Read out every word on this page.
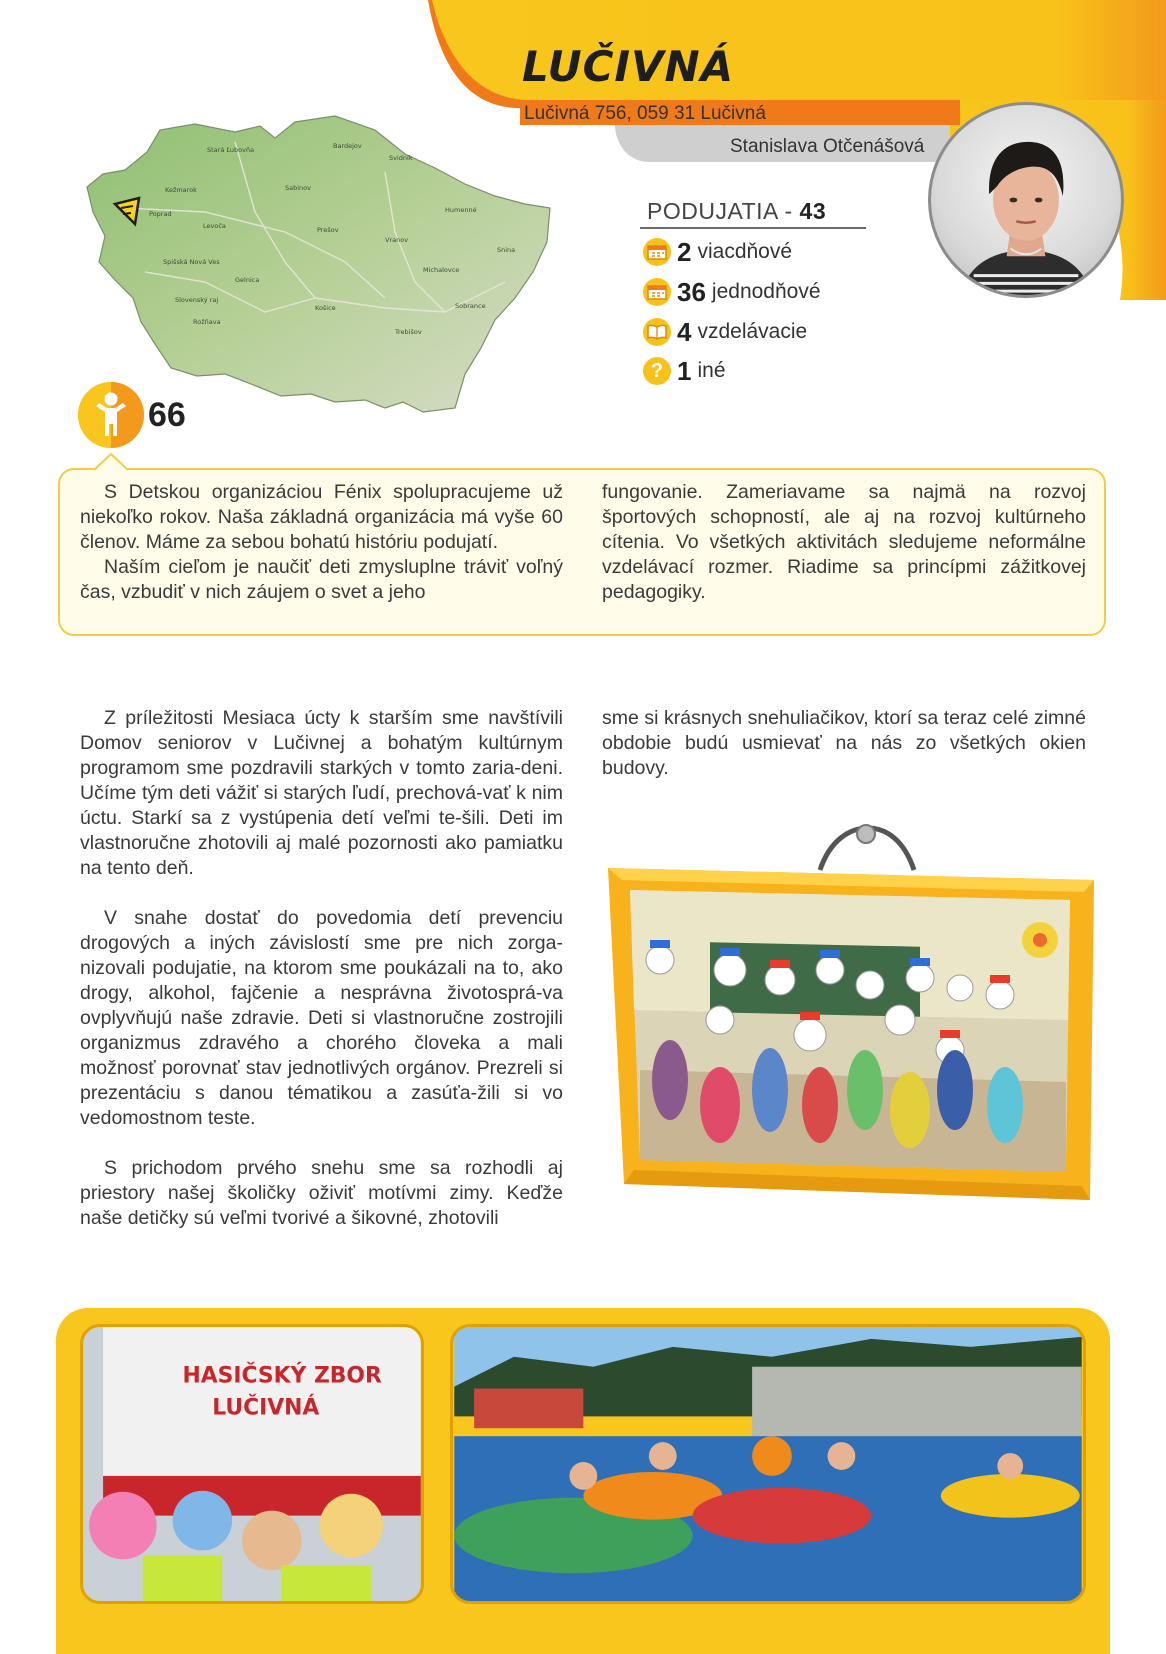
LUČIVNÁ
Lučivná 756, 059 31 Lučivná
Stanislava Otčenášová
PODUJATIA - 43
2 viacdňové
36 jednodňové
4 vzdelávacie
? 1 iné
Stará Ľubovňa
Kežmarok
Poprad
Levoča
Sabinov
Prešov
Spišská Nová Ves
Gelnica
Košice
Michalovce
Humenné
Svidník
Bardejov
Vranov
Trebišov
Sobrance
Snina
Rožňava
Slovenský raj
66

S Detskou organizáciou Fénix spolupracujeme už niekoľko rokov. Naša základná organizácia má vyše 60 členov. Máme za sebou bohatú históriu podujatí.

Naším cieľom je naučiť deti zmysluplne tráviť voľný čas, vzbudiť v nich záujem o svet a jeho

fungovanie. Zameriavame sa najmä na rozvoj športových schopností, ale aj na rozvoj kultúrneho cítenia. Vo všetkých aktivitách sledujeme neformálne vzdelávací rozmer. Riadime sa princípmi zážitkovej pedagogiky.

Z príležitosti Mesiaca úcty k starším sme navštívili Domov seniorov v Lučivnej a bohatým kultúrnym programom sme pozdravili starkých v tomto zaria-deni. Učíme tým deti vážiť si starých ľudí, prechová-vať k nim úctu. Starkí sa z vystúpenia detí veľmi te-šili. Deti im vlastnoručne zhotovili aj malé pozornosti ako pamiatku na tento deň.

V snahe dostať do povedomia detí prevenciu drogových a iných závislostí sme pre nich zorga-nizovali podujatie, na ktorom sme poukázali na to, ako drogy, alkohol, fajčenie a nesprávna životosprá-va ovplyvňujú naše zdravie. Deti si vlastnoručne zostrojili organizmus zdravého a chorého človeka a mali možnosť porovnať stav jednotlivých orgánov. Prezreli si prezentáciu s danou tématikou a zasúťa-žili si vo vedomostnom teste.

S prichodom prvého snehu sme sa rozhodli aj priestory našej školičky oživiť motívmi zimy. Keďže naše detičky sú veľmi tvorivé a šikovné, zhotovili

sme si krásnych snehuliačikov, ktorí sa teraz celé zimné obdobie budú usmievať na nás zo všetkých okien budovy.

HASIČSKÝ ZBOR
LUČIVNÁ
